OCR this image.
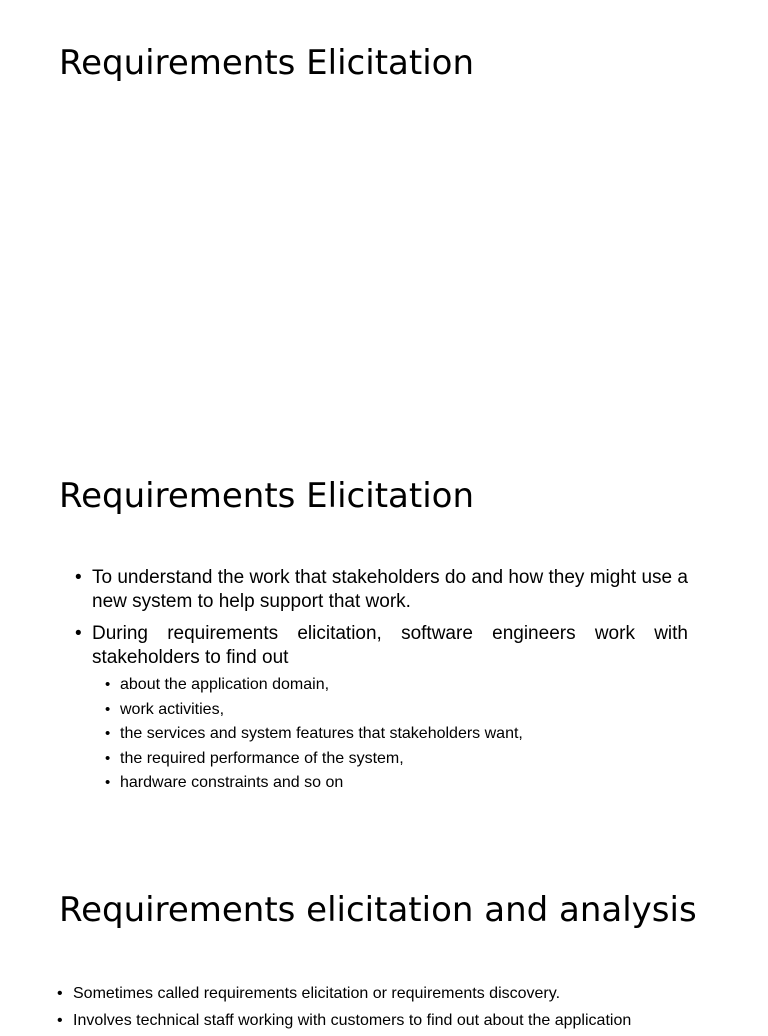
Requirements Elicitation
Requirements Elicitation
• To understand the work that stakeholders do and how they might use a new system to help support that work.
• During requirements elicitation, software engineers work with stakeholders to find out
• about the application domain,
• work activities,
• the services and system features that stakeholders want,
• the required performance of the system,
• hardware constraints and so on
Requirements elicitation and analysis
• Sometimes called requirements elicitation or requirements discovery.
• Involves technical staff working with customers to find out about the application
